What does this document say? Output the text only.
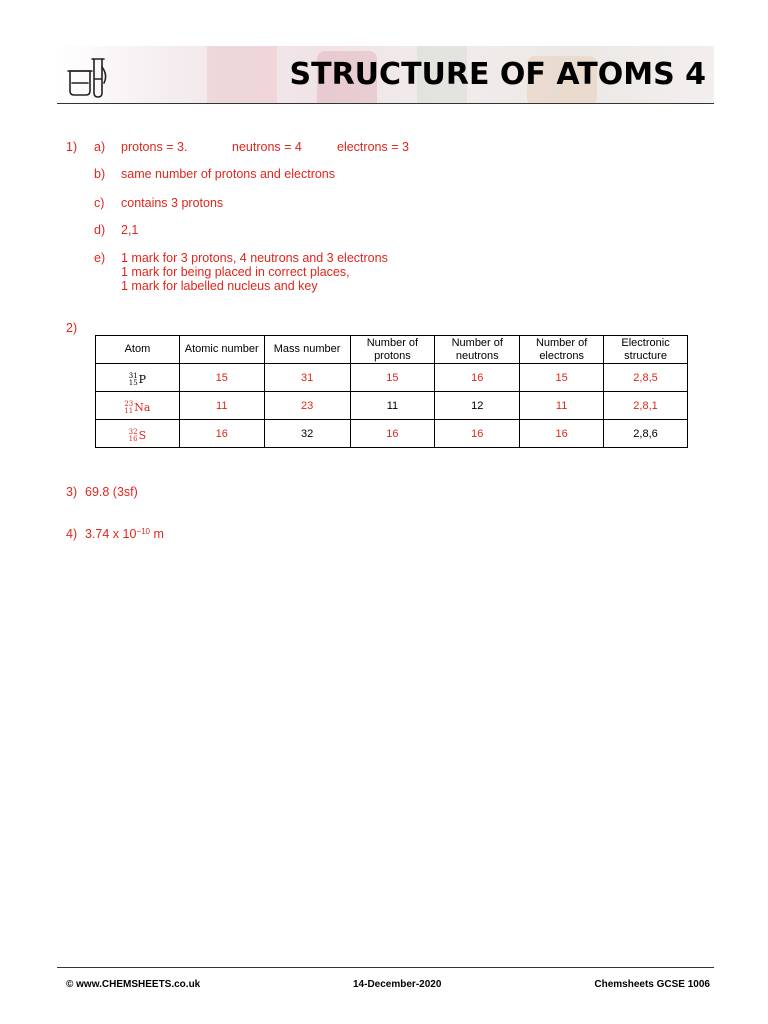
STRUCTURE OF ATOMS 4
1) a) protons = 3.	neutrons = 4	electrons = 3
b) same number of protons and electrons
c) contains 3 protons
d) 2,1
e) 1 mark for 3 protons, 4 neutrons and 3 electrons
1 mark for being placed in correct places,
1 mark for labelled nucleus and key
2)
Atom	Atomic number	Mass number	Number of protons	Number of neutrons	Number of electrons	Electronic structure

31
15 P	15	31	15	16	15	2,8,5

23
11 Na	11	23	11	12	11	2,8,1

32
16 S	16	32	16	16	16	2,8,6
3) 69.8 (3sf)
4) 3.74 x $10^{-10}$ m
© www.CHEMSHEETS.co.uk	14-December-2020	Chemsheets GCSE 1006
